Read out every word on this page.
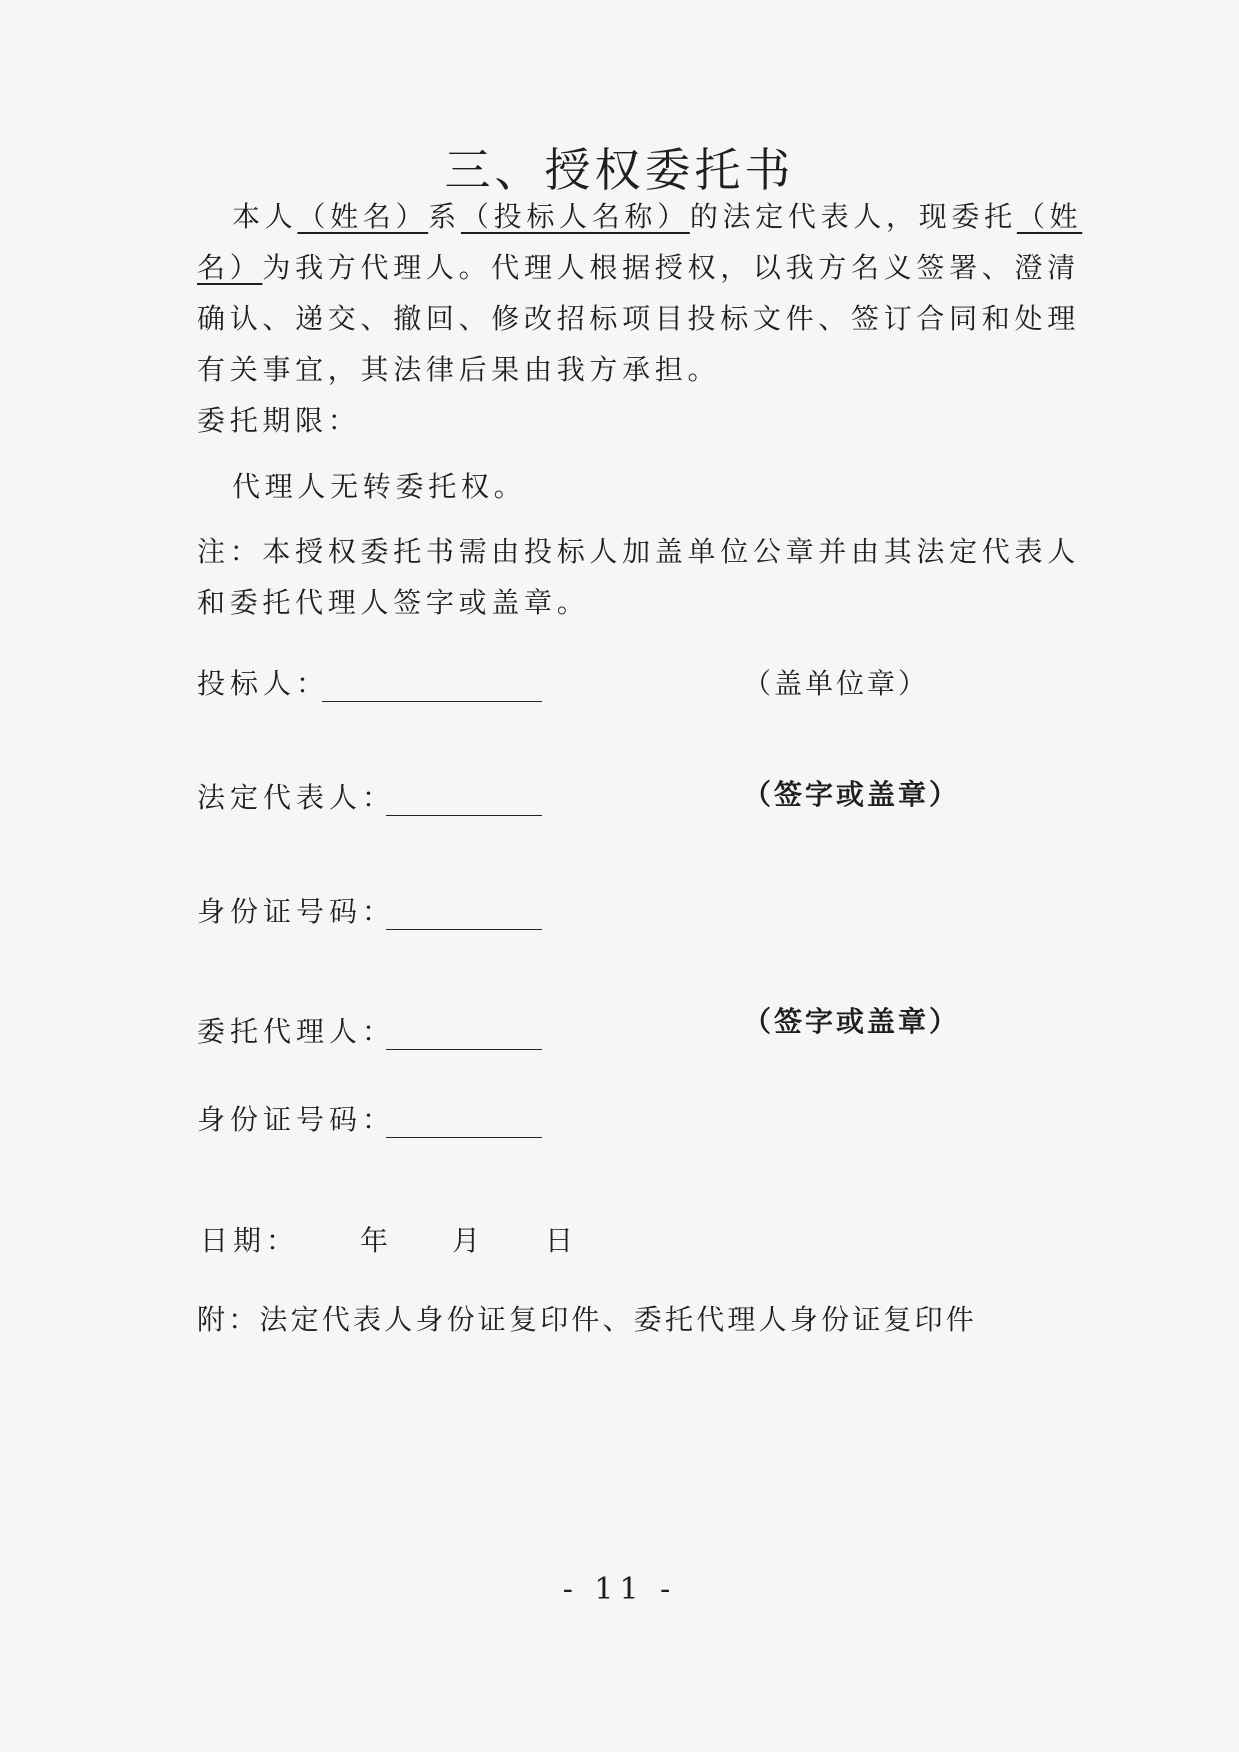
三、授权委托书
本人（姓名）系（投标人名称）的法定代表人，现委托（姓
名）为我方代理人。代理人根据授权，以我方名义签署、澄清
确认、递交、撤回、修改招标项目投标文件、签订合同和处理
有关事宜，其法律后果由我方承担。
委托期限：
代理人无转委托权。
注：本授权委托书需由投标人加盖单位公章并由其法定代表人
和委托代理人签字或盖章。
投标人：	（盖单位章）
法定代表人：	（签字或盖章）
身份证号码：
委托代理人：	（签字或盖章）
身份证号码：
日期： 年 月 日
附：法定代表人身份证复印件、委托代理人身份证复印件
- 11 -
